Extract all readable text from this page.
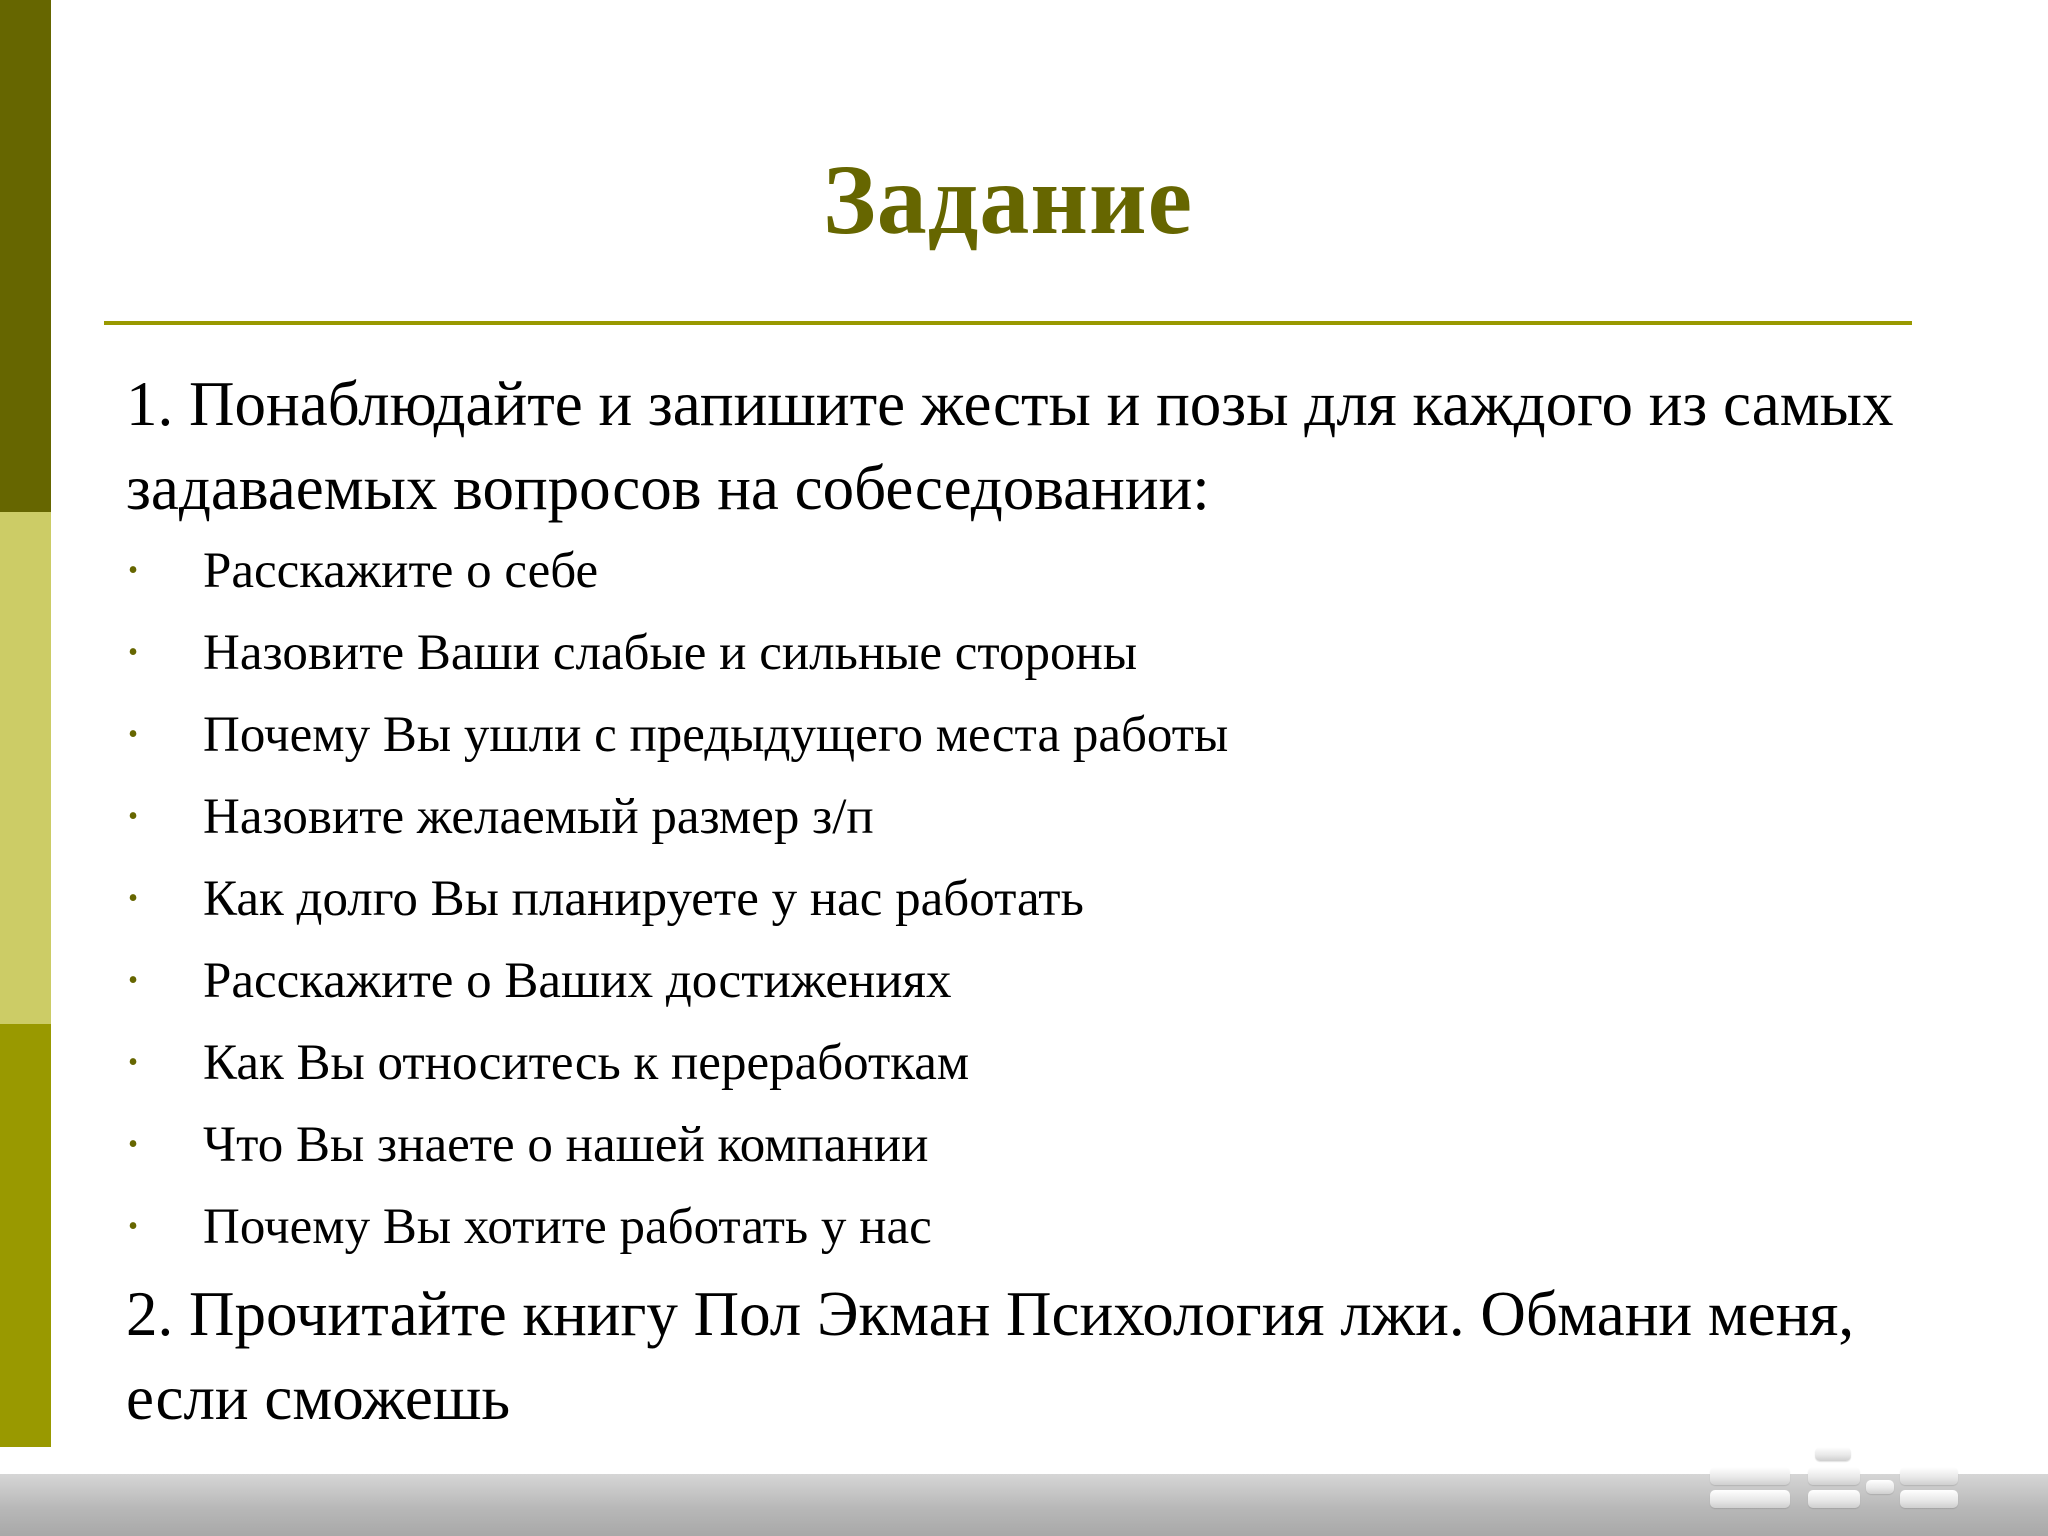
Задание

1. Понаблюдайте и запишите жесты и позы для каждого из самых задаваемых вопросов на собеседовании:

• Расскажите о себе
• Назовите Ваши слабые и сильные стороны
• Почему Вы ушли с предыдущего места работы
• Назовите желаемый размер з/п
• Как долго Вы планируете у нас работать
• Расскажите о Ваших достижениях
• Как Вы относитесь к переработкам
• Что Вы знаете о нашей компании
• Почему Вы хотите работать у нас

2. Прочитайте книгу Пол Экман Психология лжи. Обмани меня, если сможешь
